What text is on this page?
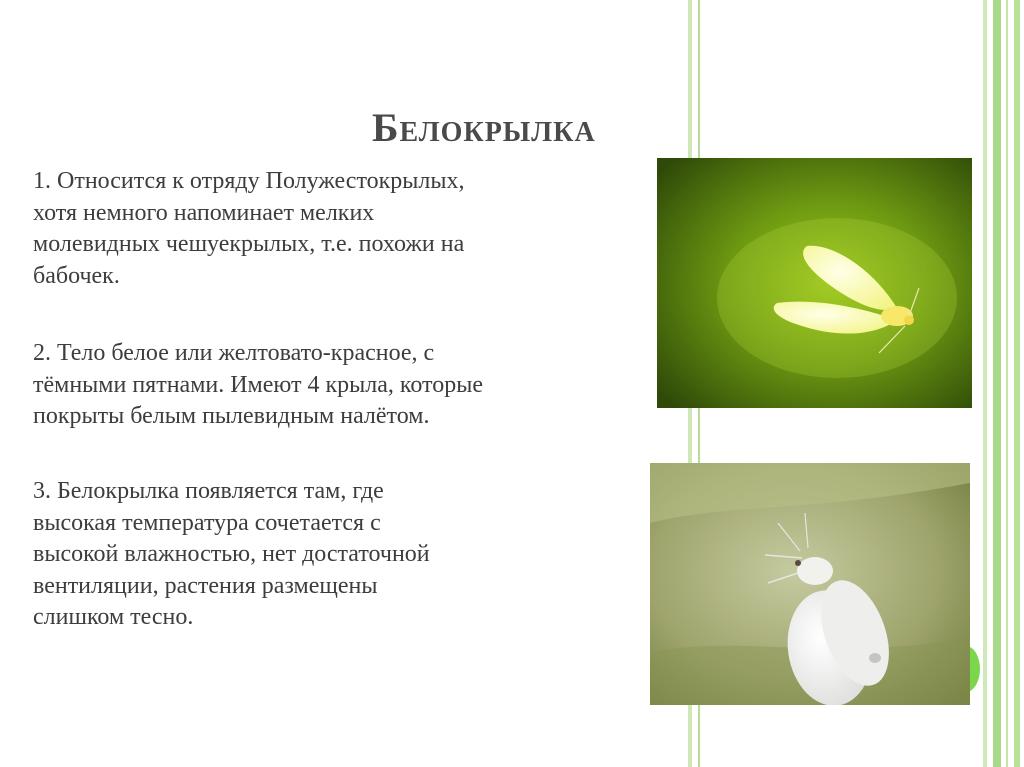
Белокрылка

1. Относится к отряду Полужестокрылых,
хотя немного напоминает мелких
молевидных чешуекрылых, т.е. похожи на
бабочек.

2. Тело белое или желтовато-красное, с
тёмными пятнами. Имеют 4 крыла, которые
покрыты белым пылевидным налётом.

3. Белокрылка появляется там, где
высокая температура сочетается с
высокой влажностью, нет достаточной
вентиляции, растения размещены
слишком тесно.
